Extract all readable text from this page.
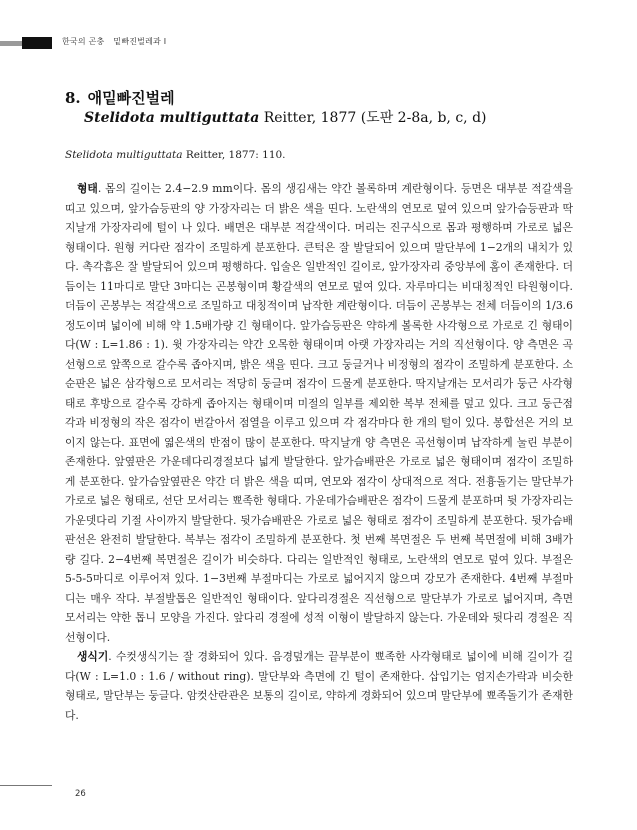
한국의 곤충 밑빠진벌레과 I
8. 애밑빠진벌레
Stelidota multiguttata Reitter, 1877 (도판 2-8a, b, c, d)
Stelidota multiguttata Reitter, 1877: 110.

형태. 몸의 길이는 2.4−2.9 mm이다. 몸의 생김새는 약간 볼록하며 계란형이다. 등면은 대부분 적갈색을 띠고 있으며, 앞가슴등판의 양 가장자리는 더 밝은 색을 띤다. 노란색의 연모로 덮여 있으며 앞가슴등판과 딱지날개 가장자리에 털이 나 있다. 배면은 대부분 적갈색이다. 머리는 진구식으로 몸과 평행하며 가로로 넓은 형태이다. 원형 커다란 점각이 조밀하게 분포한다. 큰턱은 잘 발달되어 있으며 말단부에 1−2개의 내치가 있다. 촉각흠은 잘 발달되어 있으며 평행하다. 입술은 일반적인 길이로, 앞가장자리 중앙부에 홈이 존재한다. 더듬이는 11마디로 말단 3마디는 곤봉형이며 황갈색의 연모로 덮여 있다. 자루마디는 비대칭적인 타원형이다. 더듬이 곤봉부는 적갈색으로 조밀하고 대칭적이며 납작한 계란형이다. 더듬이 곤봉부는 전체 더듬이의 1/3.6 정도이며 넓이에 비해 약 1.5배가량 긴 형태이다. 앞가슴등판은 약하게 볼록한 사각형으로 가로로 긴 형태이다(W : L=1.86 : 1). 윗 가장자리는 약간 오목한 형태이며 아랫 가장자리는 거의 직선형이다. 양 측면은 곡선형으로 앞쪽으로 갈수록 좁아지며, 밝은 색을 띤다. 크고 둥글거나 비정형의 점각이 조밀하게 분포한다. 소순판은 넓은 삼각형으로 모서리는 적당히 둥글며 점각이 드물게 분포한다. 딱지날개는 모서리가 둥근 사각형태로 후방으로 갈수록 강하게 좁아지는 형태이며 미절의 일부를 제외한 복부 전체를 덮고 있다. 크고 둥근점각과 비정형의 작은 점각이 번갈아서 점열을 이루고 있으며 각 점각마다 한 개의 털이 있다. 봉합선은 거의 보이지 않는다. 표면에 엷은색의 반점이 많이 분포한다. 딱지날개 양 측면은 곡선형이며 납작하게 눌린 부분이 존재한다. 앞옆판은 가운데다리경절보다 넓게 발달한다. 앞가슴배판은 가로로 넓은 형태이며 점각이 조밀하게 분포한다. 앞가슴앞옆판은 약간 더 밝은 색을 띠며, 연모와 점각이 상대적으로 적다. 전흉돌기는 말단부가 가로로 넓은 형태로, 선단 모서리는 뾰족한 형태다. 가운데가슴배판은 점각이 드물게 분포하며 뒷 가장자리는 가운뎃다리 기절 사이까지 발달한다. 뒷가슴배판은 가로로 넓은 형태로 점각이 조밀하게 분포한다. 뒷가슴배판선은 완전히 발달한다. 복부는 점각이 조밀하게 분포한다. 첫 번째 복면절은 두 번째 복면절에 비해 3배가량 길다. 2−4번째 복면절은 길이가 비슷하다. 다리는 일반적인 형태로, 노란색의 연모로 덮여 있다. 부절은 5-5-5마디로 이루어져 있다. 1−3번째 부절마디는 가로로 넓어지지 않으며 강모가 존재한다. 4번째 부절마디는 매우 작다. 부절발톱은 일반적인 형태이다. 앞다리경절은 직선형으로 말단부가 가로로 넓어지며, 측면 모서리는 약한 톱니 모양을 가진다. 앞다리 경절에 성적 이형이 발달하지 않는다. 가운데와 뒷다리 경절은 직선형이다.

생식기. 수컷생식기는 잘 경화되어 있다. 음경덮개는 끝부분이 뾰족한 사각형태로 넓이에 비해 길이가 길다(W : L=1.0 : 1.6 / without ring). 말단부와 측면에 긴 털이 존재한다. 삽입기는 엄지손가락과 비슷한 형태로, 말단부는 둥글다. 암컷산란관은 보통의 길이로, 약하게 경화되어 있으며 말단부에 뾰족돌기가 존재한다.

26
